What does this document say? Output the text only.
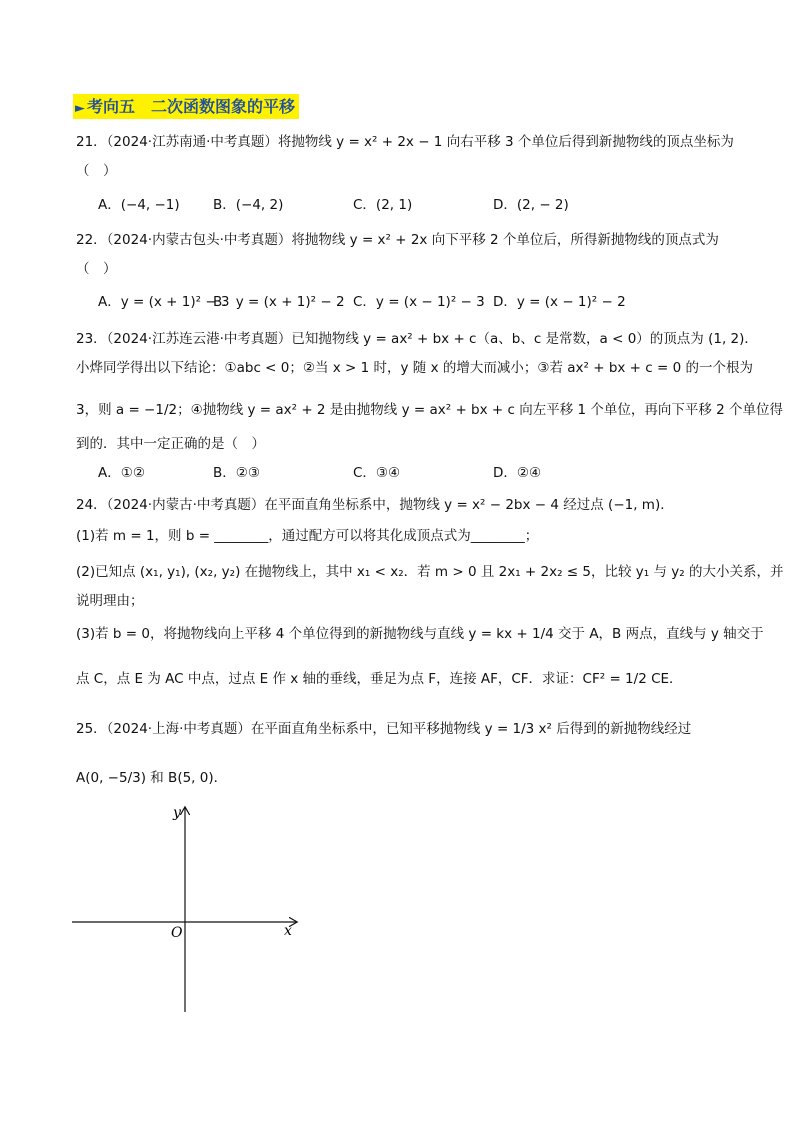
► 考向五　二次函数图象的平移
21．（2024·江苏南通·中考真题）将抛物线 y = x² + 2x − 1 向右平移 3 个单位后得到新抛物线的顶点坐标为
（　）
A．(−4, −1) B．(−4, 2)	C．(2, 1)	D．(2, − 2)
22．（2024·内蒙古包头·中考真题）将抛物线 y = x² + 2x 向下平移 2 个单位后，所得新抛物线的顶点式为
（　）
A．y = (x + 1)² − 3
B．y = (x + 1)² − 2 C．y = (x − 1)² − 3 D．y = (x − 1)² − 2
23．（2024·江苏连云港·中考真题）已知抛物线 y = ax² + bx + c（a、b、c 是常数，a < 0）的顶点为 (1, 2)．
小烨同学得出以下结论：①abc < 0；②当 x > 1 时，y 随 x 的增大而减小；③若 ax² + bx + c = 0 的一个根为
3，则 a = −1/2；④抛物线 y = ax² + 2 是由抛物线 y = ax² + bx + c 向左平移 1 个单位，再向下平移 2 个单位得
到的．其中一定正确的是（　）
A．①②	B．②③	C．③④	D．②④
24．（2024·内蒙古·中考真题）在平面直角坐标系中，抛物线 y = x² − 2bx − 4 经过点 (−1, m)．
(1)若 m = 1，则 b = ________，通过配方可以将其化成顶点式为________；
(2)已知点 (x₁, y₁), (x₂, y₂) 在抛物线上，其中 x₁ < x₂．若 m > 0 且 2x₁ + 2x₂ ≤ 5，比较 y₁ 与 y₂ 的大小关系，并
说明理由；
(3)若 b = 0，将抛物线向上平移 4 个单位得到的新抛物线与直线 y = kx + 1/4 交于 A，B 两点，直线与 y 轴交于
点 C，点 E 为 AC 中点，过点 E 作 x 轴的垂线，垂足为点 F，连接 AF，CF．求证：CF² = 1/2 CE．
25．（2024·上海·中考真题）在平面直角坐标系中，已知平移抛物线 y = 1/3 x² 后得到的新抛物线经过
A(0, −5/3) 和 B(5, 0)．
x
y
O
